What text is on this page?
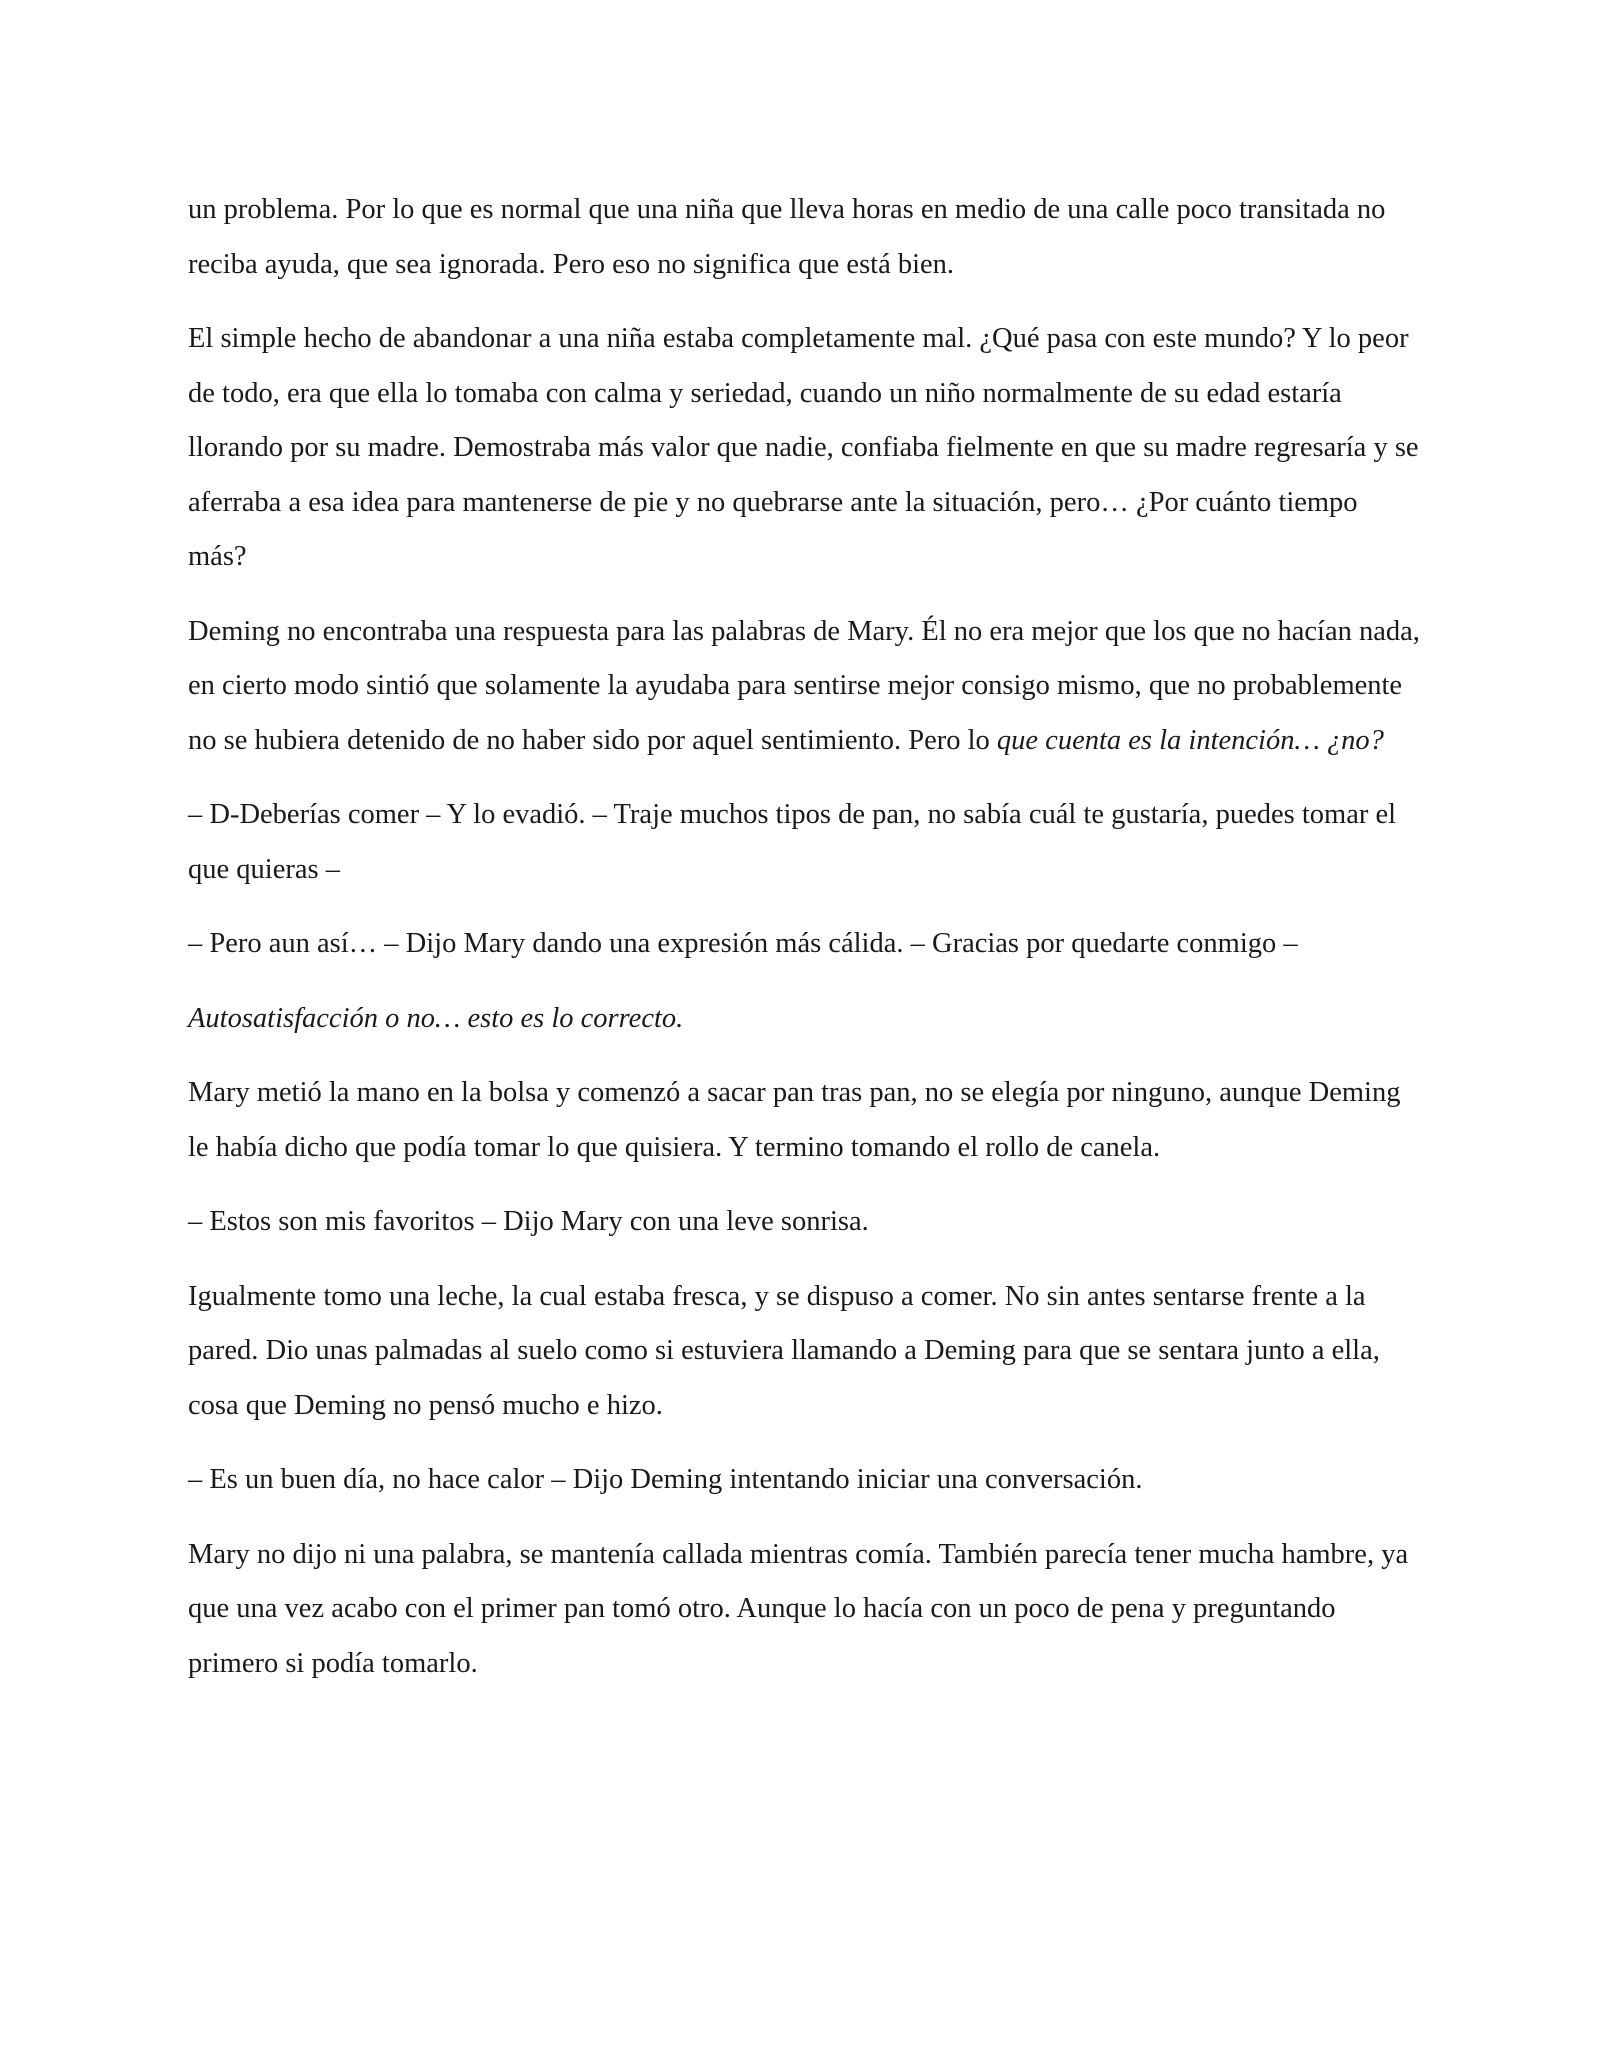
un problema. Por lo que es normal que una niña que lleva horas en medio de una calle poco transitada no reciba ayuda, que sea ignorada. Pero eso no significa que está bien.

El simple hecho de abandonar a una niña estaba completamente mal. ¿Qué pasa con este mundo? Y lo peor de todo, era que ella lo tomaba con calma y seriedad, cuando un niño normalmente de su edad estaría llorando por su madre. Demostraba más valor que nadie, confiaba fielmente en que su madre regresaría y se aferraba a esa idea para mantenerse de pie y no quebrarse ante la situación, pero… ¿Por cuánto tiempo más?

Deming no encontraba una respuesta para las palabras de Mary. Él no era mejor que los que no hacían nada, en cierto modo sintió que solamente la ayudaba para sentirse mejor consigo mismo, que no probablemente no se hubiera detenido de no haber sido por aquel sentimiento. Pero lo que cuenta es la intención… ¿no?

– D-Deberías comer – Y lo evadió. – Traje muchos tipos de pan, no sabía cuál te gustaría, puedes tomar el que quieras –

– Pero aun así… – Dijo Mary dando una expresión más cálida. – Gracias por quedarte conmigo –

Autosatisfacción o no… esto es lo correcto.

Mary metió la mano en la bolsa y comenzó a sacar pan tras pan, no se elegía por ninguno, aunque Deming le había dicho que podía tomar lo que quisiera. Y termino tomando el rollo de canela.

– Estos son mis favoritos – Dijo Mary con una leve sonrisa.

Igualmente tomo una leche, la cual estaba fresca, y se dispuso a comer. No sin antes sentarse frente a la pared. Dio unas palmadas al suelo como si estuviera llamando a Deming para que se sentara junto a ella, cosa que Deming no pensó mucho e hizo.

– Es un buen día, no hace calor – Dijo Deming intentando iniciar una conversación.

Mary no dijo ni una palabra, se mantenía callada mientras comía. También parecía tener mucha hambre, ya que una vez acabo con el primer pan tomó otro. Aunque lo hacía con un poco de pena y preguntando primero si podía tomarlo.
